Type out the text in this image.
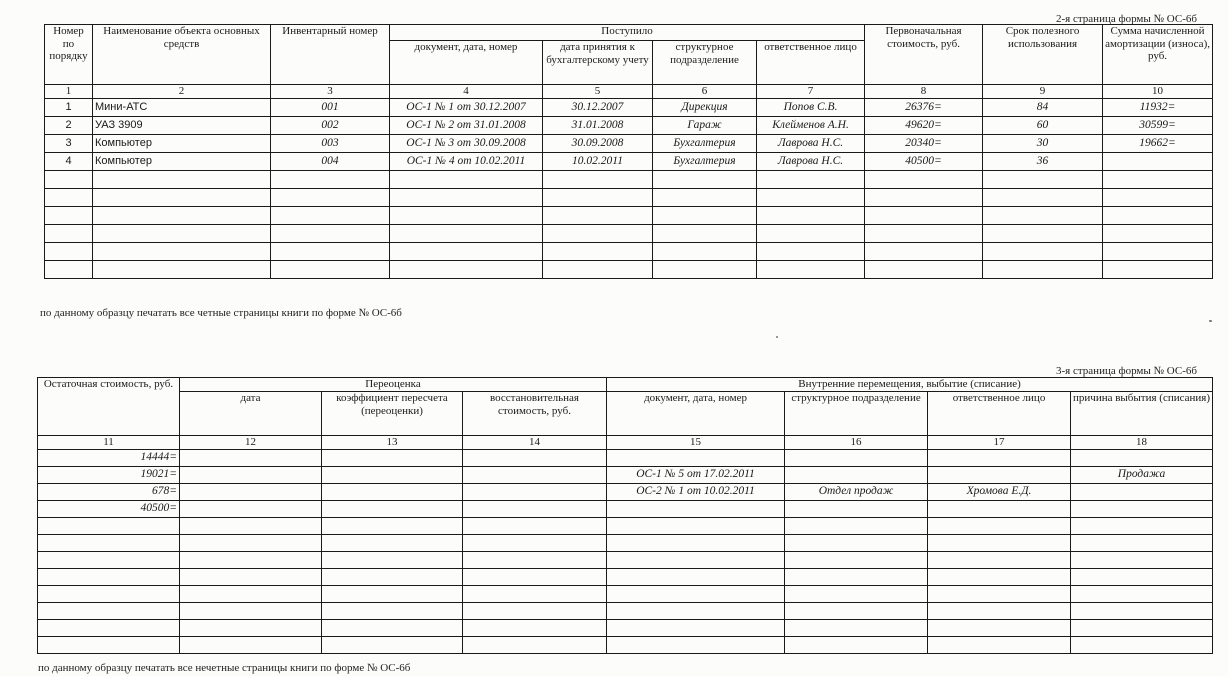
2-я страница формы № ОС-6б
Номер по порядку	Наименование объекта основных средств	Инвентарный номер	Поступило				Первоначальная стоимость, руб.	Срок полезного использования	Сумма начисленной амортизации (износа), руб.
			документ, дата, номер	дата принятия к бухгалтерскому учету	структурное подразделение	ответственное лицо			
1	2	3	4	5	6	7	8	9	10
1	Мини-АТС	001	ОС-1 № 1 от 30.12.2007	30.12.2007	Дирекция	Попов С.В.	26376=	84	11932=
2	УАЗ 3909	002	ОС-1 № 2 от 31.01.2008	31.01.2008	Гараж	Клейменов А.Н.	49620=	60	30599=
3	Компьютер	003	ОС-1 № 3 от 30.09.2008	30.09.2008	Бухгалтерия	Лаврова Н.С.	20340=	30	19662=
4	Компьютер	004	ОС-1 № 4 от 10.02.2011	10.02.2011	Бухгалтерия	Лаврова Н.С.	40500=	36	

по данному образцу печатать все четные страницы книги по форме № ОС-6б
3-я страница формы № ОС-6б
Остаточная стоимость, руб.	Переоценка			Внутренние перемещения, выбытие (списание)			
	дата	коэффициент пересчета (переоценки)	восстановительная стоимость, руб.	документ, дата, номер	структурное подразделение	ответственное лицо	причина выбытия (списания)
11	12	13	14	15	16	17	18
14444=							
19021=				ОС-1 № 5 от 17.02.2011			Продажа
678=				ОС-2 № 1 от 10.02.2011	Отдел продаж	Хромова Е.Д.	
40500=							

по данному образцу печатать все нечетные страницы книги по форме № ОС-6б
